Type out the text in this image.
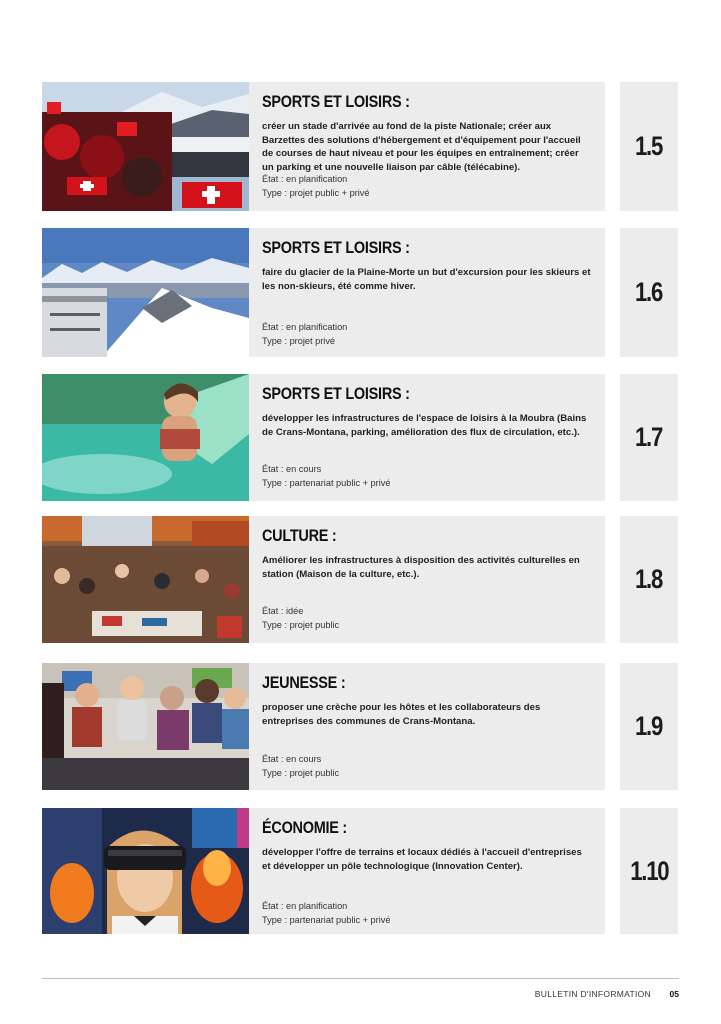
SPORTS ET LOISIRS :
créer un stade d'arrivée au fond de la piste Nationale; créer aux Barzettes des solutions d'hébergement et d'équipement pour l'accueil de courses de haut niveau et pour les équipes en entraînement; créer un parking et une nouvelle liaison par câble (télécabine).
État : en planification
Type : projet public + privé
1.5
SPORTS ET LOISIRS :
faire du glacier de la Plaine-Morte un but d'excursion pour les skieurs et les non-skieurs, été comme hiver.
État : en planification
Type : projet privé
1.6
SPORTS ET LOISIRS :
développer les infrastructures de l'espace de loisirs à la Moubra (Bains de Crans-Montana, parking, amélioration des flux de circulation, etc.).
État : en cours
Type : partenariat public + privé
1.7
CULTURE :
Améliorer les infrastructures à disposition des activités culturelles en station (Maison de la culture, etc.).
État : idée
Type : projet public
1.8
JEUNESSE :
proposer une crèche pour les hôtes et les collaborateurs des entreprises des communes de Crans-Montana.
État : en cours
Type : projet public
1.9
ÉCONOMIE :
développer l'offre de terrains et locaux dédiés à l'accueil d'entreprises et développer un pôle technologique (Innovation Center).
État : en planification
Type : partenariat public + privé
1.10
BULLETIN D'INFORMATION 05
